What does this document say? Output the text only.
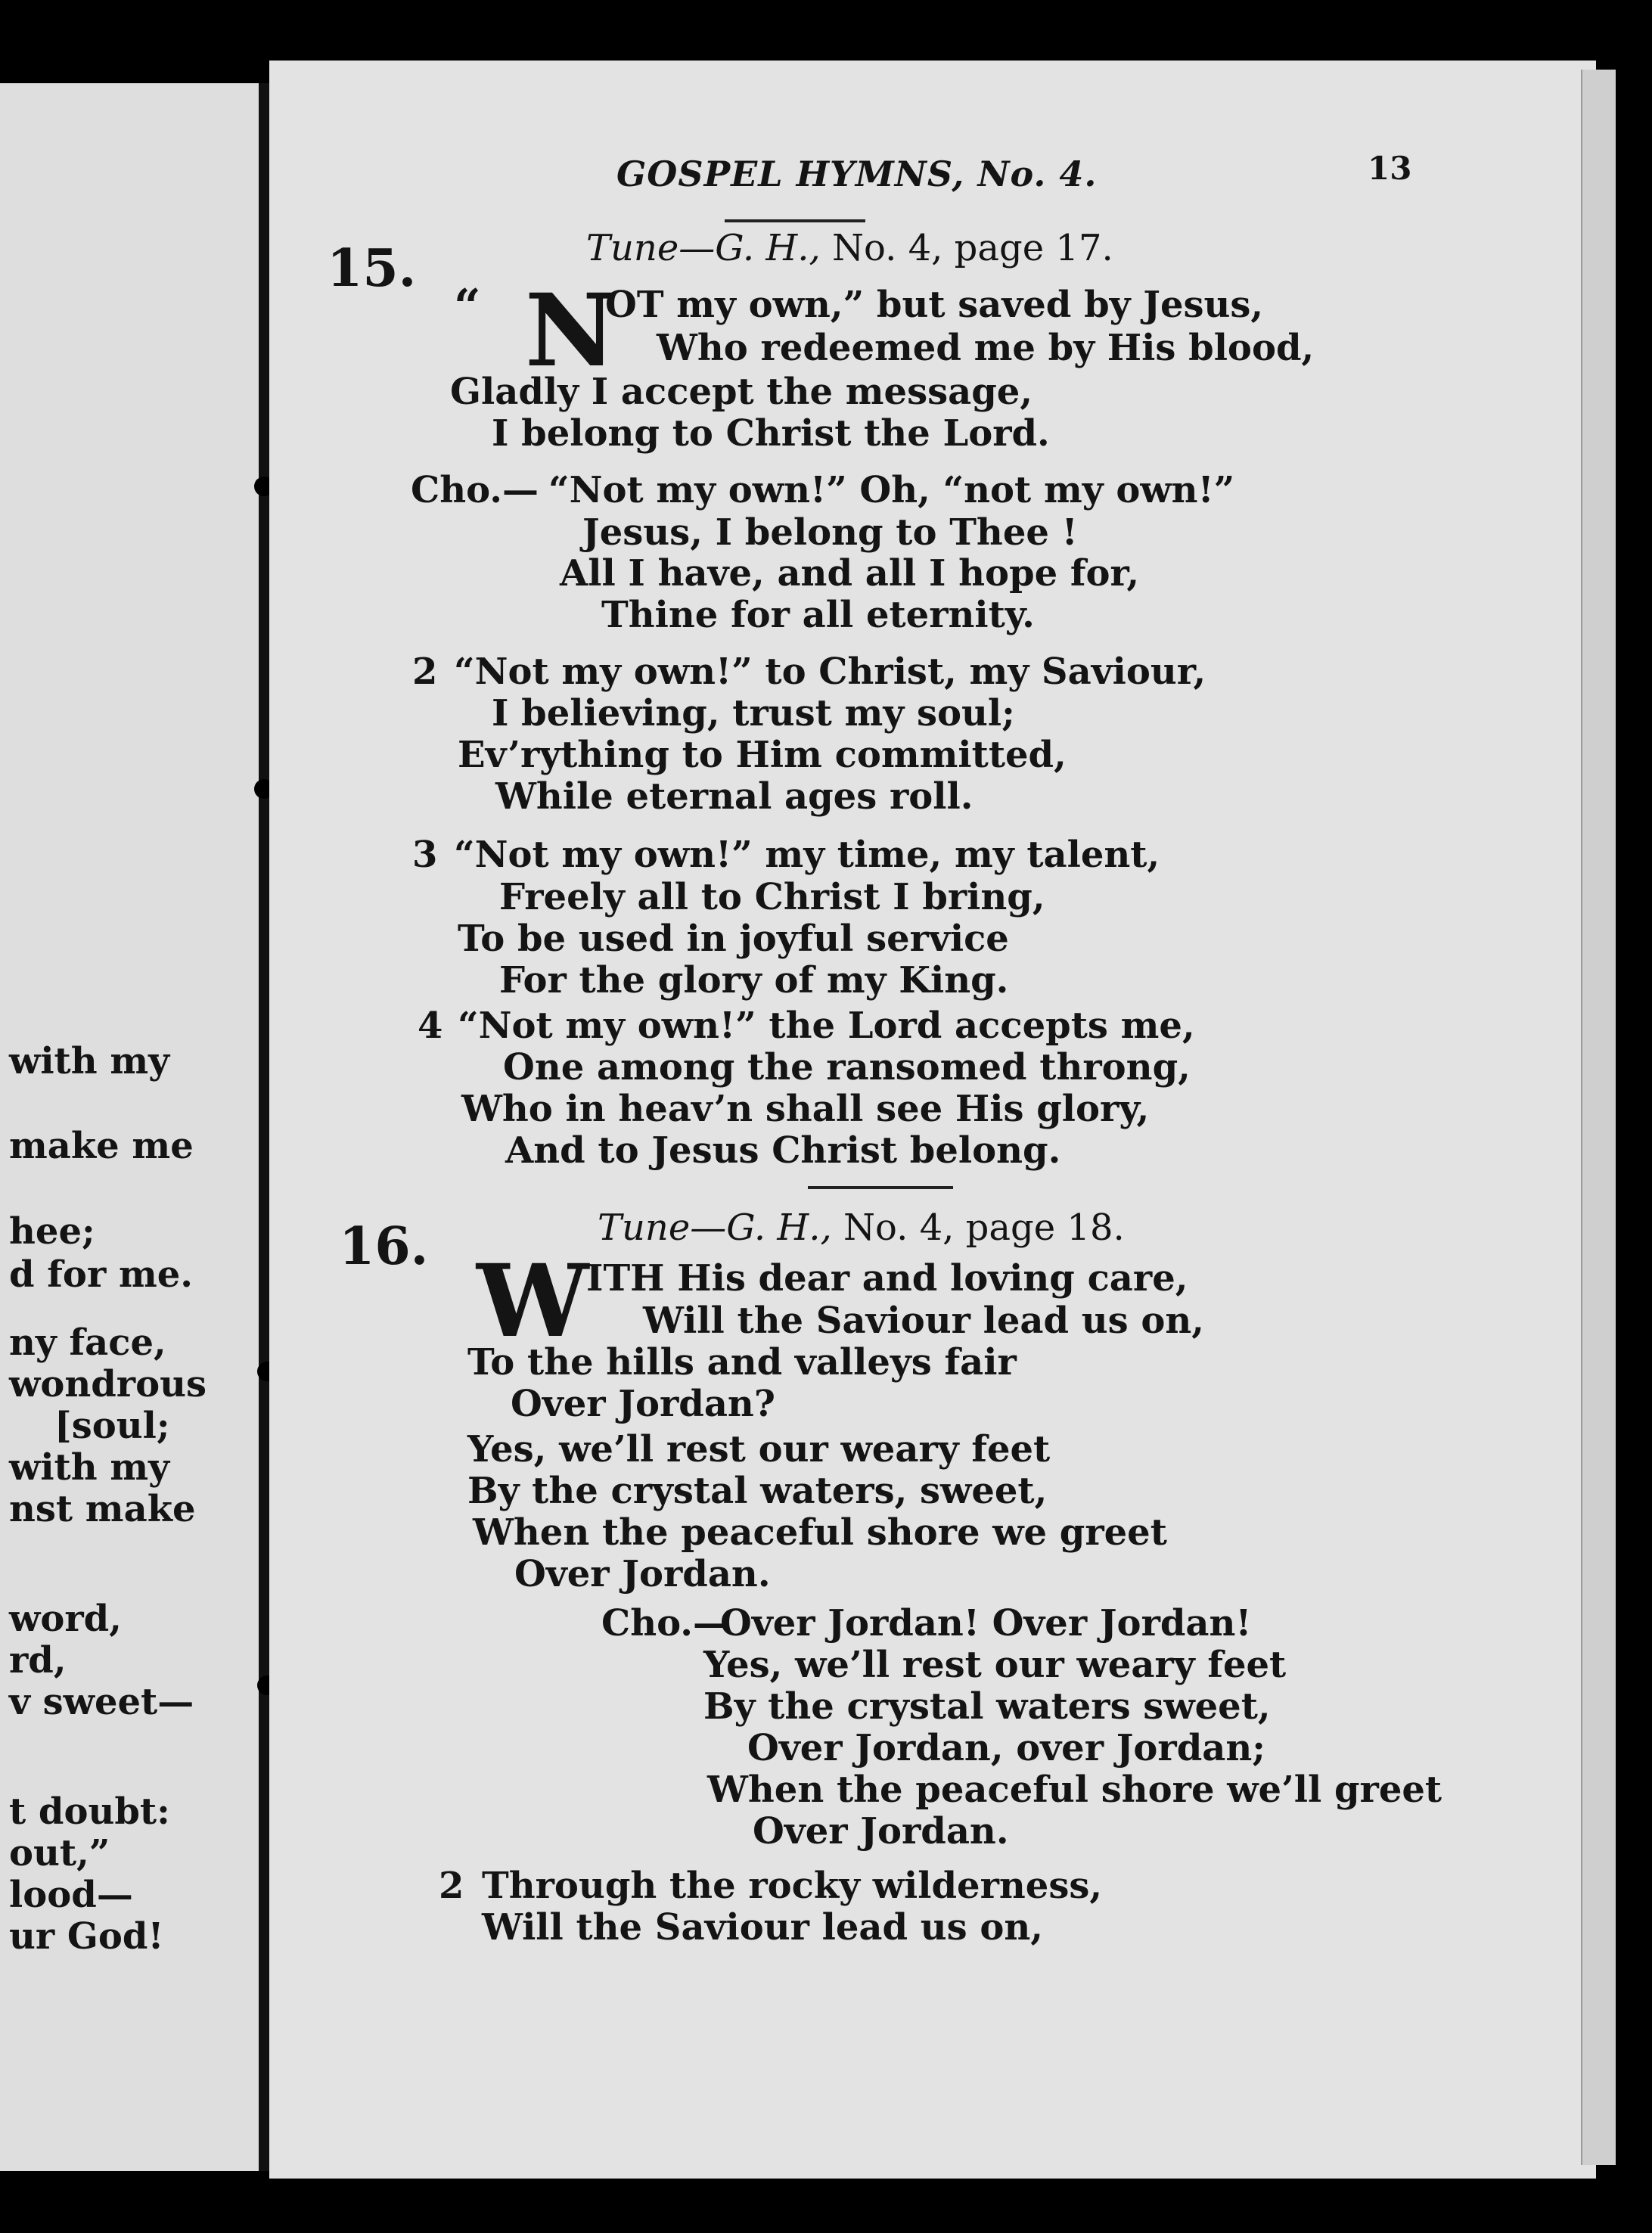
with my
make me
hee;
d for me.
ny face,
wondrous
[soul;
with my
nst make
word,
rd,
v sweet—
t doubt:
out,”
lood—
ur God!
GOSPEL HYMNS, No. 4.	13
15.	Tune—G. H., No. 4, page 17.
“ N
OT my own,” but saved by Jesus,
Who redeemed me by His blood,
Gladly I accept the message,
I belong to Christ the Lord.
Cho.— “Not my own!” Oh, “not my own!”
Jesus, I belong to Thee !
All I have, and all I hope for,
Thine for all eternity.
2 “Not my own!” to Christ, my Saviour,
I believing, trust my soul;
Ev’rything to Him committed,
While eternal ages roll.
3 “Not my own!” my time, my talent,
Freely all to Christ I bring,
To be used in joyful service
For the glory of my King.
4 “Not my own!” the Lord accepts me,
One among the ransomed throng,
Who in heav’n shall see His glory,
And to Jesus Christ belong.
16.	Tune—G. H., No. 4, page 18.
W
ITH His dear and loving care,
Will the Saviour lead us on,
To the hills and valleys fair
Over Jordan?
Yes, we’ll rest our weary feet
By the crystal waters, sweet,
When the peaceful shore we greet
Over Jordan.
Cho.—
Over Jordan! Over Jordan!
Yes, we’ll rest our weary feet
By the crystal waters sweet,
Over Jordan, over Jordan;
When the peaceful shore we’ll greet
Over Jordan.
2 Through the rocky wilderness,
Will the Saviour lead us on,
